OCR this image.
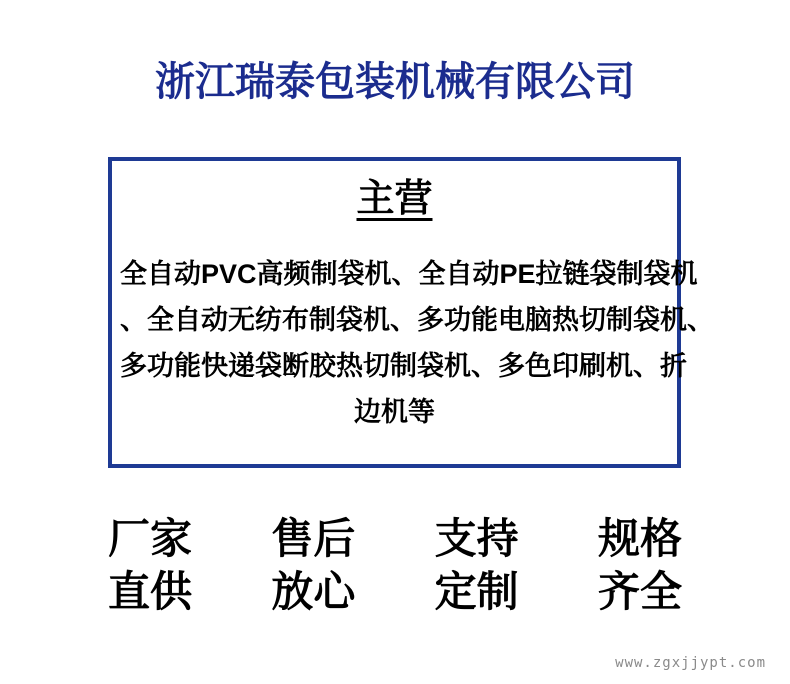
浙江瑞泰包装机械有限公司
主营
全自动PVC高频制袋机、全自动PE拉链袋制袋机
、全自动无纺布制袋机、多功能电脑热切制袋机、
多功能快递袋断胶热切制袋机、多色印刷机、折
边机等
厂家
直供
售后
放心
支持
定制
规格
齐全
www.zgxjjypt.com
